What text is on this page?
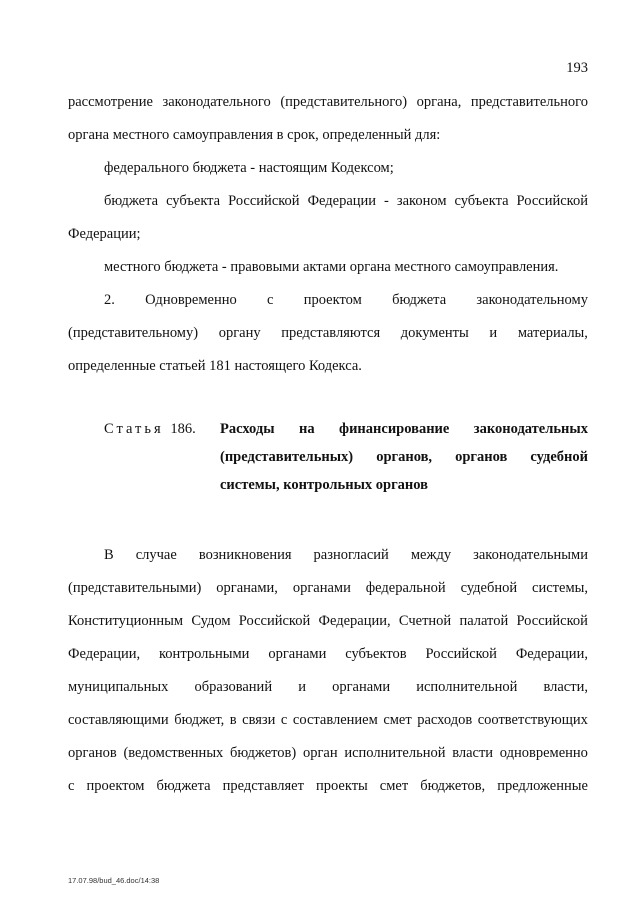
193
рассмотрение законодательного (представительного) органа, представительного
органа местного самоуправления в срок, определенный для:
федерального бюджета - настоящим Кодексом;
бюджета субъекта Российской Федерации - законом субъекта Российской
Федерации;
местного бюджета - правовыми актами органа местного самоуправления.
2. Одновременно с проектом бюджета законодательному
(представительному) органу представляются документы и материалы,
определенные статьей 181 настоящего Кодекса.
Статья 186.	Расходы на финансирование законодательных
(представительных) органов, органов судебной
системы, контрольных органов
В случае возникновения разногласий между законодательными
(представительными) органами, органами федеральной судебной системы,
Конституционным Судом Российской Федерации, Счетной палатой Российской
Федерации, контрольными органами субъектов Российской Федерации,
муниципальных образований и органами исполнительной власти,
составляющими бюджет, в связи с составлением смет расходов соответствующих
органов (ведомственных бюджетов) орган исполнительной власти одновременно
с проектом бюджета представляет проекты смет бюджетов, предложенные
17.07.98/bud_46.doc/14:38
